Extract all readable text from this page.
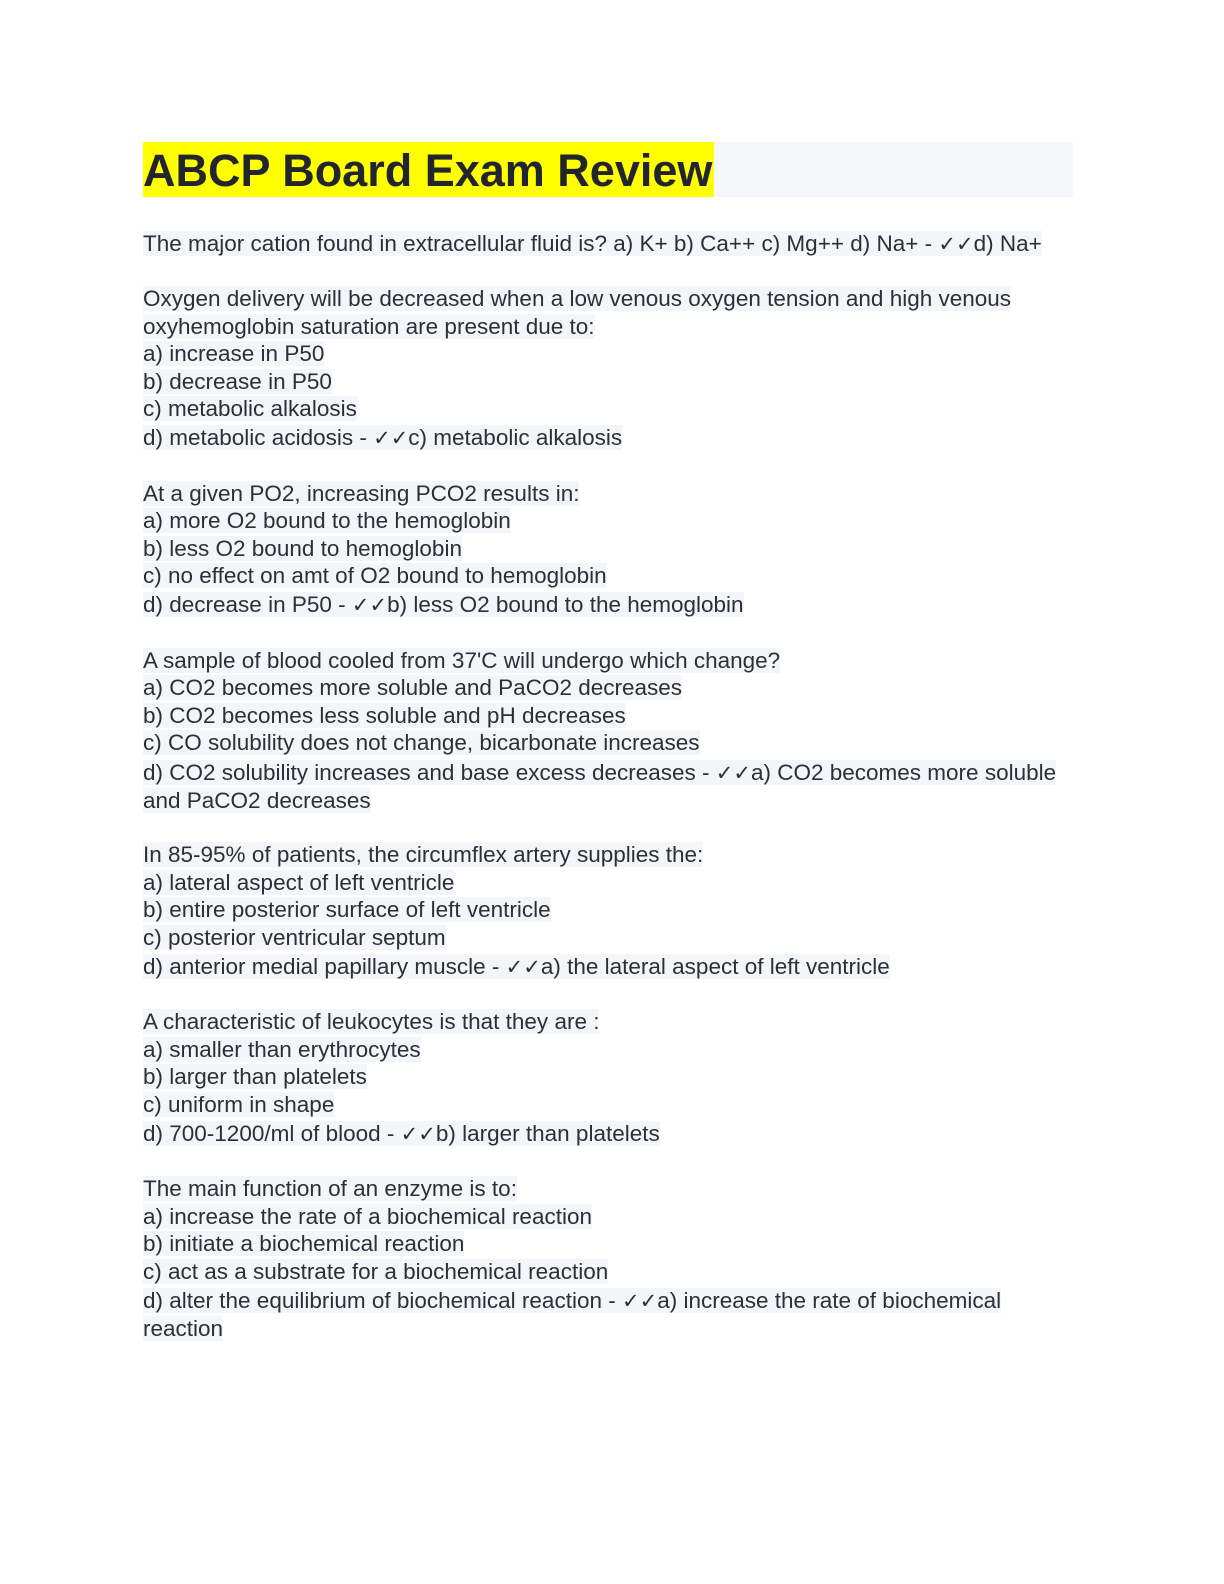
ABCP Board Exam Review
The major cation found in extracellular fluid is? a) K+ b) Ca++ c) Mg++ d) Na+ - ✓✓d) Na+
Oxygen delivery will be decreased when a low venous oxygen tension and high venous oxyhemoglobin saturation are present due to:
a) increase in P50
b) decrease in P50
c) metabolic alkalosis
d) metabolic acidosis - ✓✓c) metabolic alkalosis
At a given PO2, increasing PCO2 results in:
a) more O2 bound to the hemoglobin
b) less O2 bound to hemoglobin
c) no effect on amt of O2 bound to hemoglobin
d) decrease in P50 - ✓✓b) less O2 bound to the hemoglobin
A sample of blood cooled from 37'C will undergo which change?
a) CO2 becomes more soluble and PaCO2 decreases
b) CO2 becomes less soluble and pH decreases
c) CO solubility does not change, bicarbonate increases
d) CO2 solubility increases and base excess decreases - ✓✓a) CO2 becomes more soluble and PaCO2 decreases
In 85-95% of patients, the circumflex artery supplies the:
a) lateral aspect of left ventricle
b) entire posterior surface of left ventricle
c) posterior ventricular septum
d) anterior medial papillary muscle - ✓✓a) the lateral aspect of left ventricle
A characteristic of leukocytes is that they are :
a) smaller than erythrocytes
b) larger than platelets
c) uniform in shape
d) 700-1200/ml of blood - ✓✓b) larger than platelets
The main function of an enzyme is to:
a) increase the rate of a biochemical reaction
b) initiate a biochemical reaction
c) act as a substrate for a biochemical reaction
d) alter the equilibrium of biochemical reaction - ✓✓a) increase the rate of biochemical reaction
